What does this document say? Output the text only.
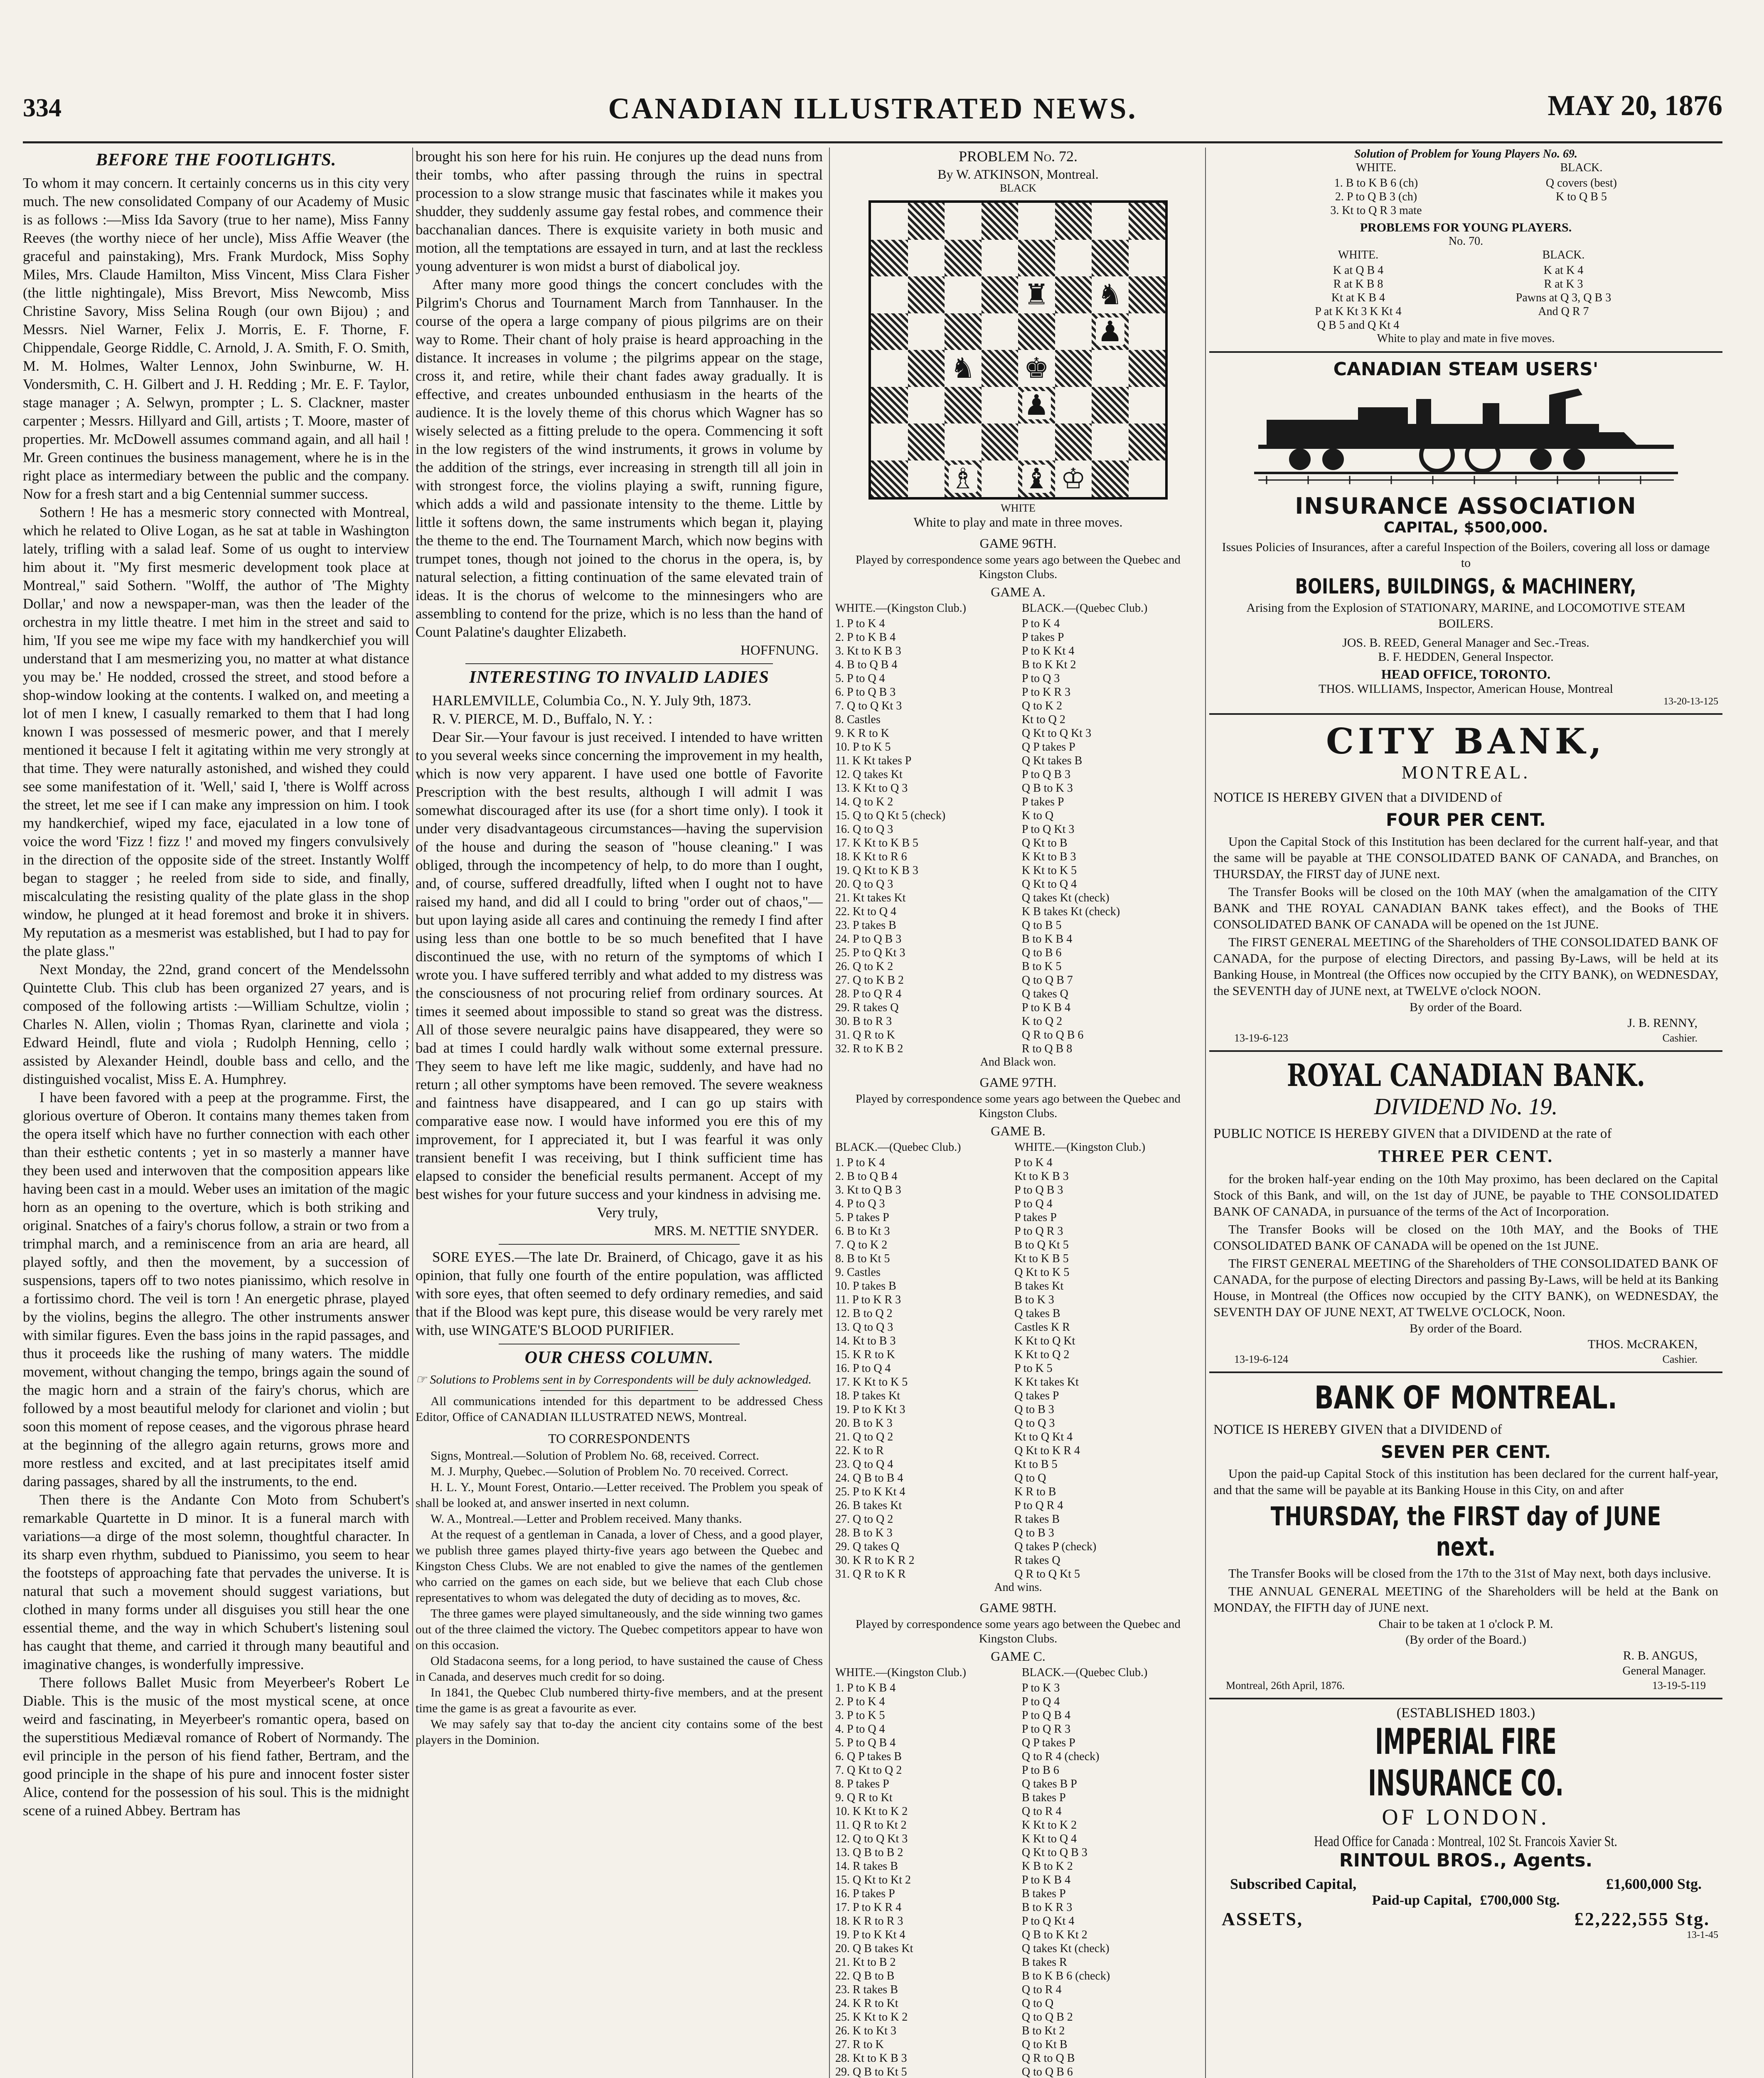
334	CANADIAN ILLUSTRATED NEWS.	MAY 20, 1876
BEFORE THE FOOTLIGHTS.

To whom it may concern. It certainly concerns us in this city very much. The new consolidated Company of our Academy of Music is as follows :—Miss Ida Savory (true to her name), Miss Fanny Reeves (the worthy niece of her uncle), Miss Affie Weaver (the graceful and painstaking), Mrs. Frank Murdock, Miss Sophy Miles, Mrs. Claude Hamilton, Miss Vincent, Miss Clara Fisher (the little nightingale), Miss Brevort, Miss Newcomb, Miss Christine Savory, Miss Selina Rough (our own Bijou) ; and Messrs. Niel Warner, Felix J. Morris, E. F. Thorne, F. Chippendale, George Riddle, C. Arnold, J. A. Smith, F. O. Smith, M. M. Holmes, Walter Lennox, John Swinburne, W. H. Vondersmith, C. H. Gilbert and J. H. Redding ; Mr. E. F. Taylor, stage manager ; A. Selwyn, prompter ; L. S. Clackner, master carpenter ; Messrs. Hillyard and Gill, artists ; T. Moore, master of properties. Mr. McDowell assumes command again, and all hail ! Mr. Green continues the business management, where he is in the right place as intermediary between the public and the company. Now for a fresh start and a big Centennial summer success.

Sothern ! He has a mesmeric story connected with Montreal, which he related to Olive Logan, as he sat at table in Washington lately, trifling with a salad leaf. Some of us ought to interview him about it. "My first mesmeric development took place at Montreal," said Sothern. "Wolff, the author of 'The Mighty Dollar,' and now a newspaper-man, was then the leader of the orchestra in my little theatre. I met him in the street and said to him, 'If you see me wipe my face with my handkerchief you will understand that I am mesmerizing you, no matter at what distance you may be.' He nodded, crossed the street, and stood before a shop-window looking at the contents. I walked on, and meeting a lot of men I knew, I casually remarked to them that I had long known I was possessed of mesmeric power, and that I merely mentioned it because I felt it agitating within me very strongly at that time. They were naturally astonished, and wished they could see some manifestation of it. 'Well,' said I, 'there is Wolff across the street, let me see if I can make any impression on him. I took my handkerchief, wiped my face, ejaculated in a low tone of voice the word 'Fizz ! fizz !' and moved my fingers convulsively in the direction of the opposite side of the street. Instantly Wolff began to stagger ; he reeled from side to side, and finally, miscalculating the resisting quality of the plate glass in the shop window, he plunged at it head foremost and broke it in shivers. My reputation as a mesmerist was established, but I had to pay for the plate glass."

Next Monday, the 22nd, grand concert of the Mendelssohn Quintette Club. This club has been organized 27 years, and is composed of the following artists :—William Schultze, violin ; Charles N. Allen, violin ; Thomas Ryan, clarinette and viola ; Edward Heindl, flute and viola ; Rudolph Henning, cello ; assisted by Alexander Heindl, double bass and cello, and the distinguished vocalist, Miss E. A. Humphrey.

I have been favored with a peep at the programme. First, the glorious overture of Oberon. It contains many themes taken from the opera itself which have no further connection with each other than their esthetic contents ; yet in so masterly a manner have they been used and interwoven that the composition appears like having been cast in a mould. Weber uses an imitation of the magic horn as an opening to the overture, which is both striking and original. Snatches of a fairy's chorus follow, a strain or two from a trimphal march, and a reminiscence from an aria are heard, all played softly, and then the movement, by a succession of suspensions, tapers off to two notes pianissimo, which resolve in a fortissimo chord. The veil is torn ! An energetic phrase, played by the violins, begins the allegro. The other instruments answer with similar figures. Even the bass joins in the rapid passages, and thus it proceeds like the rushing of many waters. The middle movement, without changing the tempo, brings again the sound of the magic horn and a strain of the fairy's chorus, which are followed by a most beautiful melody for clarionet and violin ; but soon this moment of repose ceases, and the vigorous phrase heard at the beginning of the allegro again returns, grows more and more restless and excited, and at last precipitates itself amid daring passages, shared by all the instruments, to the end.

Then there is the Andante Con Moto from Schubert's remarkable Quartette in D minor. It is a funeral march with variations—a dirge of the most solemn, thoughtful character. In its sharp even rhythm, subdued to Pianissimo, you seem to hear the footsteps of approaching fate that pervades the universe. It is natural that such a movement should suggest variations, but clothed in many forms under all disguises you still hear the one essential theme, and the way in which Schubert's listening soul has caught that theme, and carried it through many beautiful and imaginative changes, is wonderfully impressive.

There follows Ballet Music from Meyerbeer's Robert Le Diable. This is the music of the most mystical scene, at once weird and fascinating, in Meyerbeer's romantic opera, based on the superstitious Mediæval romance of Robert of Normandy. The evil principle in the person of his fiend father, Bertram, and the good principle in the shape of his pure and innocent foster sister Alice, contend for the possession of his soul. This is the midnight scene of a ruined Abbey. Bertram has

brought his son here for his ruin. He conjures up the dead nuns from their tombs, who after passing through the ruins in spectral procession to a slow strange music that fascinates while it makes you shudder, they suddenly assume gay festal robes, and commence their bacchanalian dances. There is exquisite variety in both music and motion, all the temptations are essayed in turn, and at last the reckless young adventurer is won midst a burst of diabolical joy.

After many more good things the concert concludes with the Pilgrim's Chorus and Tournament March from Tannhauser. In the course of the opera a large company of pious pilgrims are on their way to Rome. Their chant of holy praise is heard approaching in the distance. It increases in volume ; the pilgrims appear on the stage, cross it, and retire, while their chant fades away gradually. It is effective, and creates unbounded enthusiasm in the hearts of the audience. It is the lovely theme of this chorus which Wagner has so wisely selected as a fitting prelude to the opera. Commencing it soft in the low registers of the wind instruments, it grows in volume by the addition of the strings, ever increasing in strength till all join in with strongest force, the violins playing a swift, running figure, which adds a wild and passionate intensity to the theme. Little by little it softens down, the same instruments which began it, playing the theme to the end. The Tournament March, which now begins with trumpet tones, though not joined to the chorus in the opera, is, by natural selection, a fitting continuation of the same elevated train of ideas. It is the chorus of welcome to the minnesingers who are assembling to contend for the prize, which is no less than the hand of Count Palatine's daughter Elizabeth.

HOFFNUNG.
INTERESTING TO INVALID LADIES

HARLEMVILLE, Columbia Co., N. Y. July 9th, 1873.

R. V. PIERCE, M. D., Buffalo, N. Y. :

Dear Sir.—Your favour is just received. I intended to have written to you several weeks since concerning the improvement in my health, which is now very apparent. I have used one bottle of Favorite Prescription with the best results, although I will admit I was somewhat discouraged after its use (for a short time only). I took it under very disadvantageous circumstances—having the supervision of the house and during the season of "house cleaning." I was obliged, through the incompetency of help, to do more than I ought, and, of course, suffered dreadfully, lifted when I ought not to have raised my hand, and did all I could to bring "order out of chaos,"—but upon laying aside all cares and continuing the remedy I find after using less than one bottle to be so much benefited that I have discontinued the use, with no return of the symptoms of which I wrote you. I have suffered terribly and what added to my distress was the consciousness of not procuring relief from ordinary sources. At times it seemed about impossible to stand so great was the distress. All of those severe neuralgic pains have disappeared, they were so bad at times I could hardly walk without some external pressure. They seem to have left me like magic, suddenly, and have had no return ; all other symptoms have been removed. The severe weakness and faintness have disappeared, and I can go up stairs with comparative ease now. I would have informed you ere this of my improvement, for I appreciated it, but I was fearful it was only transient benefit I was receiving, but I think sufficient time has elapsed to consider the beneficial results permanent. Accept of my best wishes for your future success and your kindness in advising me.

Very truly,

MRS. M. NETTIE SNYDER.

SORE EYES.—The late Dr. Brainerd, of Chicago, gave it as his opinion, that fully one fourth of the entire population, was afflicted with sore eyes, that often seemed to defy ordinary remedies, and said that if the Blood was kept pure, this disease would be very rarely met with, use WINGATE'S BLOOD PURIFIER.

OUR CHESS COLUMN.

☞ Solutions to Problems sent in by Correspondents will be duly acknowledged.

All communications intended for this department to be addressed Chess Editor, Office of CANADIAN ILLUSTRATED NEWS, Montreal.

TO CORRESPONDENTS

Signs, Montreal.—Solution of Problem No. 68, received. Correct.

M. J. Murphy, Quebec.—Solution of Problem No. 70 received. Correct.

H. L. Y., Mount Forest, Ontario.—Letter received. The Problem you speak of shall be looked at, and answer inserted in next column.

W. A., Montreal.—Letter and Problem received. Many thanks.

At the request of a gentleman in Canada, a lover of Chess, and a good player, we publish three games played thirty-five years ago between the Quebec and Kingston Chess Clubs. We are not enabled to give the names of the gentlemen who carried on the games on each side, but we believe that each Club chose representatives to whom was delegated the duty of deciding as to moves, &c.

The three games were played simultaneously, and the side winning two games out of the three claimed the victory. The Quebec competitors appear to have won on this occasion.

Old Stadacona seems, for a long period, to have sustained the cause of Chess in Canada, and deserves much credit for so doing.

In 1841, the Quebec Club numbered thirty-five members, and at the present time the game is as great a favourite as ever.

We may safely say that to-day the ancient city contains some of the best players in the Dominion.

PROBLEM No. 72.
By W. ATKINSON, Montreal.
BLACK
♜ ♞
♟
♞ ♚
♟
♗ ♝ ♔
WHITE
White to play and mate in three moves.
GAME 96TH.
Played by correspondence some years ago between the Quebec and Kingston Clubs.
GAME A.
WHITE.—(Kingston Club.)	BLACK.—(Quebec Club.)
1. P to K 4	P to K 4
2. P to K B 4	P takes P
3. Kt to K B 3	P to K Kt 4
4. B to Q B 4	B to K Kt 2
5. P to Q 4	P to Q 3
6. P to Q B 3	P to K R 3
7. Q to Q Kt 3	Q to K 2
8. Castles	Kt to Q 2
9. K R to K	Q Kt to Q Kt 3
10. P to K 5	Q P takes P
11. K Kt takes P	Q Kt takes B
12. Q takes Kt	P to Q B 3
13. K Kt to Q 3	Q B to K 3
14. Q to K 2	P takes P
15. Q to Q Kt 5 (check)	K to Q
16. Q to Q 3	P to Q Kt 3
17. K Kt to K B 5	Q Kt to B
18. K Kt to R 6	K Kt to B 3
19. Q Kt to K B 3	K Kt to K 5
20. Q to Q 3	Q Kt to Q 4
21. Kt takes Kt	Q takes Kt (check)
22. Kt to Q 4	K B takes Kt (check)
23. P takes B	Q to B 5
24. P to Q B 3	B to K B 4
25. P to Q Kt 3	Q to B 6
26. Q to K 2	B to K 5
27. Q to K B 2	Q to Q B 7
28. P to Q R 4	Q takes Q
29. R takes Q	P to K B 4
30. B to R 3	K to Q 2
31. Q R to K	Q R to Q B 6
32. R to K B 2	R to Q B 8
And Black won.
GAME 97TH.
Played by correspondence some years ago between the Quebec and Kingston Clubs.
GAME B.
BLACK.—(Quebec Club.)	WHITE.—(Kingston Club.)
1. P to K 4	P to K 4
2. B to Q B 4	Kt to K B 3
3. Kt to Q B 3	P to Q B 3
4. P to Q 3	P to Q 4
5. P takes P	P takes P
6. B to Kt 3	P to Q R 3
7. Q to K 2	B to Q Kt 5
8. B to Kt 5	Kt to K B 5
9. Castles	Q Kt to K 5
10. P takes B	B takes Kt
11. P to K R 3	B to K 3
12. B to Q 2	Q takes B
13. Q to Q 3	Castles K R
14. Kt to B 3	K Kt to Q Kt
15. K R to K	K Kt to Q 2
16. P to Q 4	P to K 5
17. K Kt to K 5	K Kt takes Kt
18. P takes Kt	Q takes P
19. P to K Kt 3	Q to B 3
20. B to K 3	Q to Q 3
21. Q to Q 2	Kt to Q Kt 4
22. K to R	Q Kt to K R 4
23. Q to Q 4	Kt to B 5
24. Q B to B 4	Q to Q
25. P to K Kt 4	K R to B
26. B takes Kt	P to Q R 4
27. Q to Q 2	R takes B
28. B to K 3	Q to B 3
29. Q takes Q	Q takes P (check)
30. K R to K R 2	R takes Q
31. Q R to K R	Q R to Q Kt 5
And wins.
GAME 98TH.
Played by correspondence some years ago between the Quebec and Kingston Clubs.
GAME C.
WHITE.—(Kingston Club.)	BLACK.—(Quebec Club.)
1. P to K B 4	P to K 3
2. P to K 4	P to Q 4
3. P to K 5	P to Q B 4
4. P to Q 4	P to Q R 3
5. P to Q B 4	Q P takes P
6. Q P takes B	Q to R 4 (check)
7. Q Kt to Q 2	P to B 6
8. P takes P	Q takes B P
9. Q R to Kt	B takes P
10. K Kt to K 2	Q to R 4
11. Q R to Kt 2	K Kt to K 2
12. Q to Q Kt 3	K Kt to Q 4
13. Q B to B 2	Q Kt to Q B 3
14. R takes B	K B to K 2
15. Q Kt to Kt 2	P to K B 4
16. P takes P	B takes P
17. P to K R 4	B to K R 3
18. K R to R 3	P to Q Kt 4
19. P to K Kt 4	Q B to K Kt 2
20. Q B takes Kt	Q takes Kt (check)
21. Kt to B 2	B takes R
22. Q B to B	B to K B 6 (check)
23. R takes B	Q to R 4
24. K R to Kt	Q to Q
25. K Kt to K 2	Q to Q B 2
26. K to Kt 3	B to Kt 2
27. R to K	Q to Kt B
28. Kt to K B 3	Q R to Q B
29. Q B to Kt 5	Q to Q B 6

Solution of Problem for Young Players No. 69.
WHITE.	BLACK.
1. B to K B 6 (ch)	Q covers (best)
2. P to Q B 3 (ch)	K to Q B 5
3. Kt to Q R 3 mate	
PROBLEMS FOR YOUNG PLAYERS.
No. 70.
WHITE.	BLACK.
K at Q B 4	K at K 4
R at K B 8	R at K 3
Kt at K B 4	Pawns at Q 3, Q B 3
P at K Kt 3 K Kt 4	And Q R 7
Q B 5 and Q Kt 4	
White to play and mate in five moves.
CANADIAN STEAM USERS'
INSURANCE ASSOCIATION
CAPITAL, $500,000.

Issues Policies of Insurances, after a careful Inspection of the Boilers, covering all loss or damage to

BOILERS, BUILDINGS, & MACHINERY,

Arising from the Explosion of STATIONARY, MARINE, and LOCOMOTIVE STEAM BOILERS.

JOS. B. REED, General Manager and Sec.-Treas.

B. F. HEDDEN, General Inspector.

HEAD OFFICE, TORONTO.

THOS. WILLIAMS, Inspector, American House, Montreal

13-20-13-125

CITY BANK,
MONTREAL.

NOTICE IS HEREBY GIVEN that a DIVIDEND of

FOUR PER CENT.

Upon the Capital Stock of this Institution has been declared for the current half-year, and that the same will be payable at THE CONSOLIDATED BANK OF CANADA, and Branches, on THURSDAY, the FIRST day of JUNE next.

The Transfer Books will be closed on the 10th MAY (when the amalgamation of the CITY BANK and THE ROYAL CANADIAN BANK takes effect), and the Books of THE CONSOLIDATED BANK OF CANADA will be opened on the 1st JUNE.

The FIRST GENERAL MEETING of the Shareholders of THE CONSOLIDATED BANK OF CANADA, for the purpose of electing Directors, and passing By-Laws, will be held at its Banking House, in Montreal (the Offices now occupied by the CITY BANK), on WEDNESDAY, the SEVENTH day of JUNE next, at TWELVE o'clock NOON.

By order of the Board.

J. B. RENNY,

13-19-6-123	Cashier.
ROYAL CANADIAN BANK.
DIVIDEND No. 19.

PUBLIC NOTICE IS HEREBY GIVEN that a DIVIDEND at the rate of

THREE PER CENT.

for the broken half-year ending on the 10th May proximo, has been declared on the Capital Stock of this Bank, and will, on the 1st day of JUNE, be payable to THE CONSOLIDATED BANK OF CANADA, in pursuance of the terms of the Act of Incorporation.

The Transfer Books will be closed on the 10th MAY, and the Books of THE CONSOLIDATED BANK OF CANADA will be opened on the 1st JUNE.

The FIRST GENERAL MEETING of the Shareholders of THE CONSOLIDATED BANK OF CANADA, for the purpose of electing Directors and passing By-Laws, will be held at its Banking House, in Montreal (the Offices now occupied by the CITY BANK), on WEDNESDAY, the SEVENTH DAY OF JUNE NEXT, AT TWELVE O'CLOCK, Noon.

By order of the Board.

THOS. McCRAKEN,

13-19-6-124	Cashier.
BANK OF MONTREAL.

NOTICE IS HEREBY GIVEN that a DIVIDEND of

SEVEN PER CENT.

Upon the paid-up Capital Stock of this institution has been declared for the current half-year, and that the same will be payable at its Banking House in this City, on and after

THURSDAY, the FIRST day of JUNE next.

The Transfer Books will be closed from the 17th to the 31st of May next, both days inclusive.

THE ANNUAL GENERAL MEETING of the Shareholders will be held at the Bank on MONDAY, the FIFTH day of JUNE next.

Chair to be taken at 1 o'clock P. M.

(By order of the Board.)

R. B. ANGUS,

General Manager.

Montreal, 26th April, 1876.	13-19-5-119
(ESTABLISHED 1803.)
IMPERIAL FIRE INSURANCE CO.
OF LONDON.
Head Office for Canada : Montreal, 102 St. Francois Xavier St.
RINTOUL BROS., Agents.
Subscribed Capital,	£1,600,000 Stg.
Paid-up Capital, £700,000 Stg.
ASSETS,	£2,222,555 Stg.

13-1-45
